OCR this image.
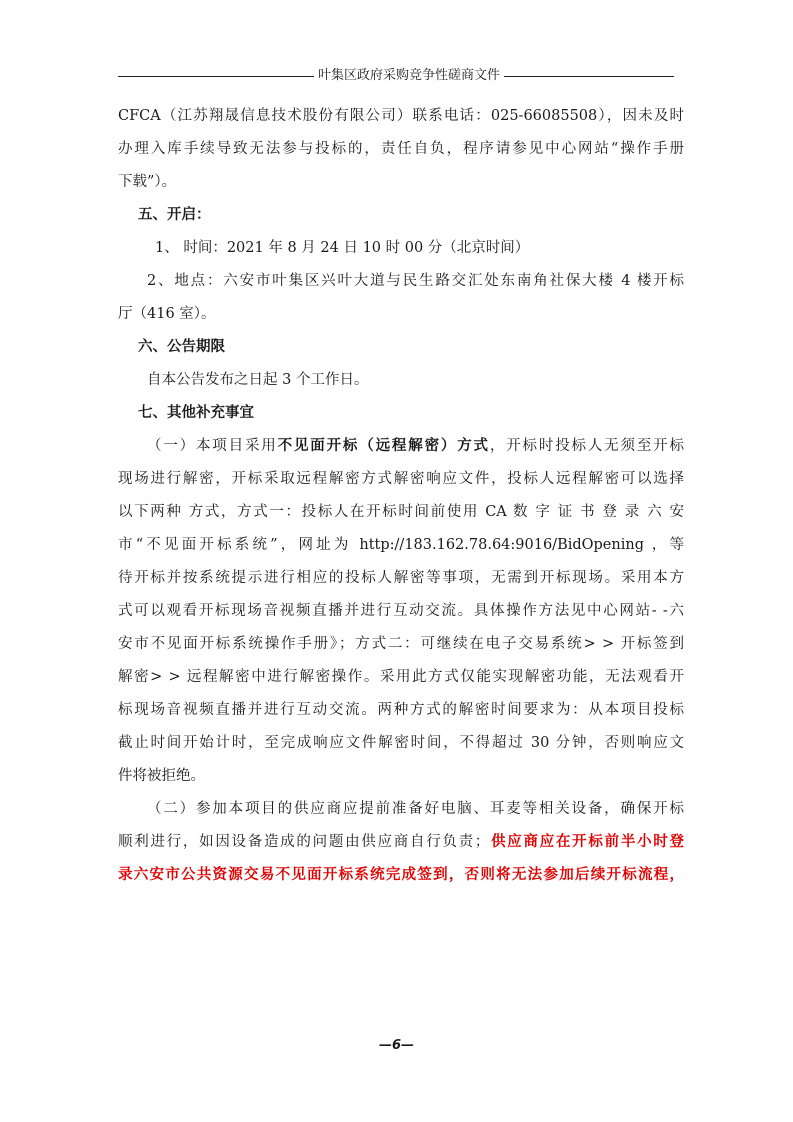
叶集区政府采购竞争性磋商文件
CFCA（江苏翔晟信息技术股份有限公司）联系电话：025-66085508），因未及时
办理入库手续导致无法参与投标的，责任自负，程序请参见中心网站“操作手册
下载”）。
五、开启：
1、 时间：2021 年 8 月 24 日 10 时 00 分（北京时间）
2、地点：六安市叶集区兴叶大道与民生路交汇处东南角社保大楼 4 楼开标
厅（416 室）。
六、公告期限
自本公告发布之日起 3 个工作日。
七、其他补充事宜
（一）本项目采用不见面开标（远程解密）方式，开标时投标人无须至开标
现场进行解密，开标采取远程解密方式解密响应文件，投标人远程解密可以选择
以下两种 方式，方式一：投标人在开标时间前使用 CA 数 字 证 书 登 录 六 安
市“不见面开标系统”，网址为 http://183.162.78.64:9016/BidOpening ，等
待开标并按系统提示进行相应的投标人解密等事项，无需到开标现场。采用本方
式可以观看开标现场音视频直播并进行互动交流。具体操作方法见中心网站- -六
安市不见面开标系统操作手册》；方式二：可继续在电子交易系统> > 开标签到
解密> > 远程解密中进行解密操作。采用此方式仅能实现解密功能，无法观看开
标现场音视频直播并进行互动交流。两种方式的解密时间要求为：从本项目投标
截止时间开始计时，至完成响应文件解密时间，不得超过 30 分钟，否则响应文
件将被拒绝。
（二）参加本项目的供应商应提前准备好电脑、耳麦等相关设备，确保开标
顺利进行，如因设备造成的问题由供应商自行负责；供应商应在开标前半小时登
录六安市公共资源交易不见面开标系统完成签到，否则将无法参加后续开标流程，
—6—
